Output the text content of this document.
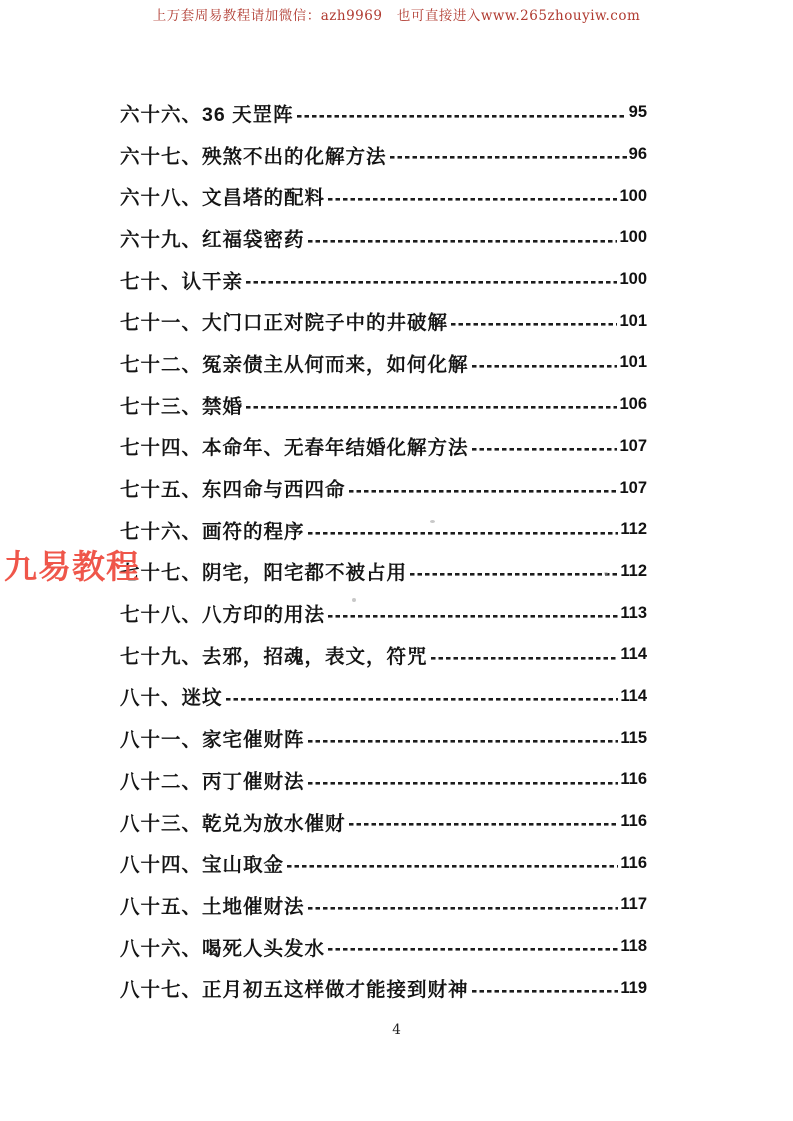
上万套周易教程请加微信：azh9969   也可直接进入www.265zhouyiw.com
六十六、36 天罡阵	95
六十七、殃煞不出的化解方法	96
六十八、文昌塔的配料	100
六十九、红福袋密药	100
七十、认干亲	100
七十一、大门口正对院子中的井破解	101
七十二、冤亲债主从何而来，如何化解	101
七十三、禁婚	106
七十四、本命年、无春年结婚化解方法	107
七十五、东四命与西四命	107
七十六、画符的程序	112
七十七、阴宅，阳宅都不被占用	112
七十八、八方印的用法	113
七十九、去邪，招魂，表文，符咒	114
八十、迷坟	114
八十一、家宅催财阵	115
八十二、丙丁催财法	116
八十三、乾兑为放水催财	116
八十四、宝山取金	116
八十五、土地催财法	117
八十六、喝死人头发水	118
八十七、正月初五这样做才能接到财神	119
九易教程
4
